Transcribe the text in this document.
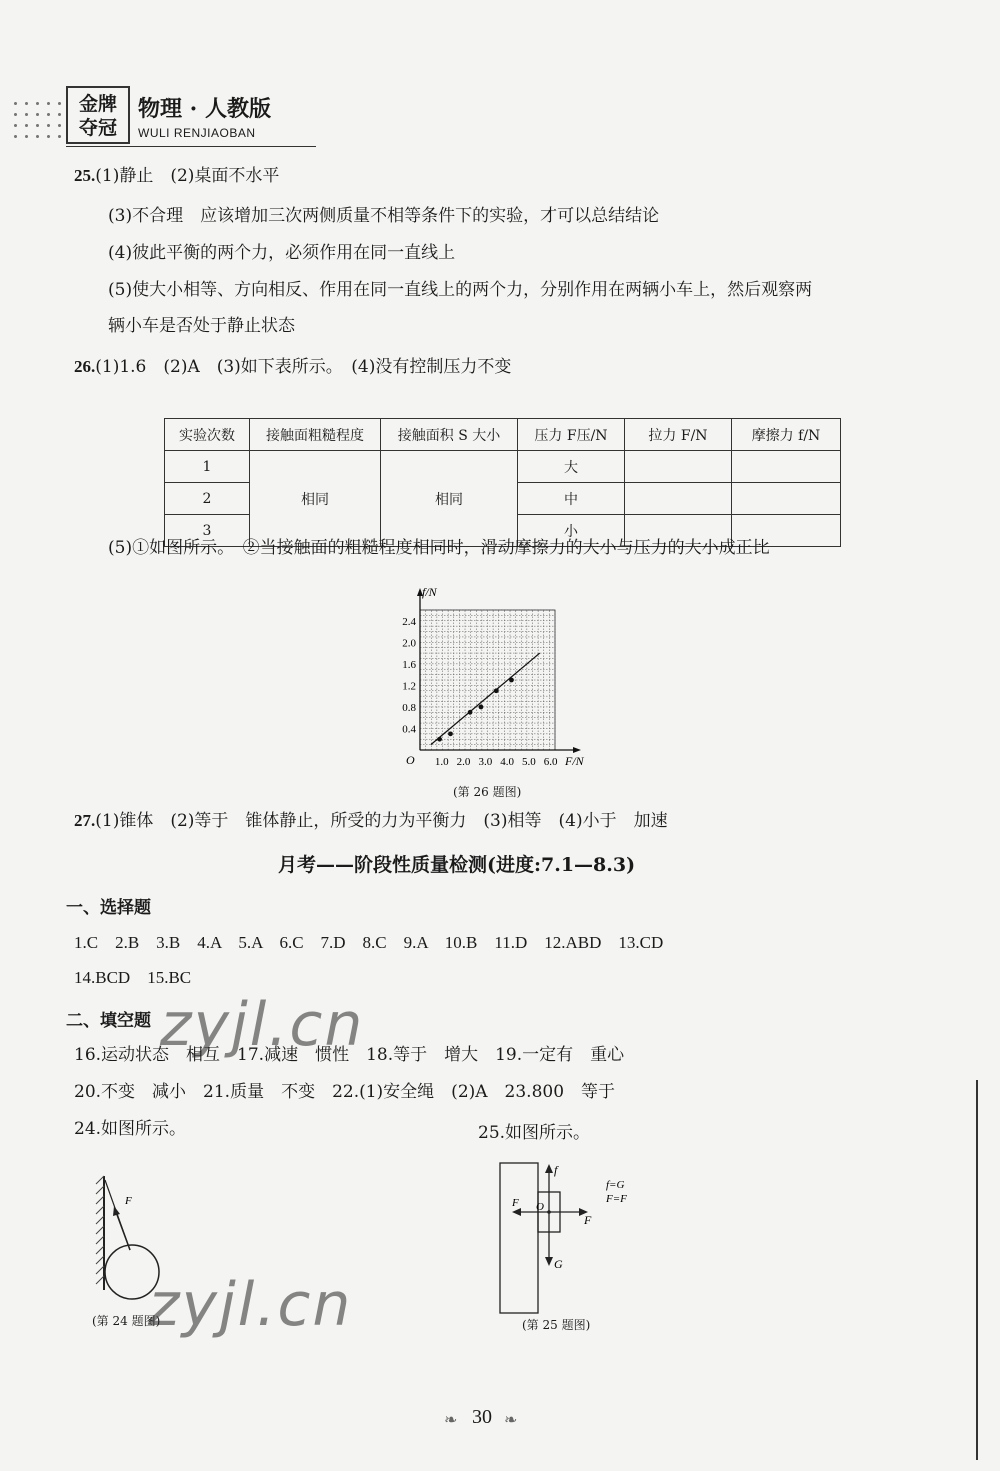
金牌
夺冠
物理 · 人教版
WULI RENJIAOBAN
25.(1)静止　(2)桌面不水平
(3)不合理　应该增加三次两侧质量不相等条件下的实验，才可以总结结论
(4)彼此平衡的两个力，必须作用在同一直线上
(5)使大小相等、方向相反、作用在同一直线上的两个力，分别作用在两辆小车上，然后观察两
辆小车是否处于静止状态
26.(1)1.6　(2)A　(3)如下表所示。　(4)没有控制压力不变
实验次数	接触面粗糙程度	接触面积 S 大小	压力 F压/N	拉力 F/N	摩擦力 f/N
1	相同	相同	大		
2			中		
3			小		
(5)①如图所示。　②当接触面的粗糙程度相同时，滑动摩擦力的大小与压力的大小成正比
1.0 2.0 3.0 4.0 5.0 6.0
0.4
0.8
1.2
1.6
2.0
2.4
F/N
f/N
O
(第 26 题图)
27.(1)锥体　(2)等于　锥体静止，所受的力为平衡力　(3)相等　(4)小于　加速
月考——阶段性质量检测(进度:7.1—8.3)
一、选择题
1.C　2.B　3.B　4.A　5.A　6.C　7.D　8.C　9.A　10.B　11.D　12.ABD　13.CD
14.BCD　15.BC
二、填空题
16.运动状态　相互　17.减速　惯性　18.等于　增大　19.一定有　重心
20.不变　减小　21.质量　不变　22.(1)安全绳　(2)A　23.800　等于
24.如图所示。	25.如图所示。
F
(第 24 题图)
f
G
F
F O
f=G
F=F
(第 25 题图)
zyjl.cn
zyjl.cn
❧ 30 ❧
